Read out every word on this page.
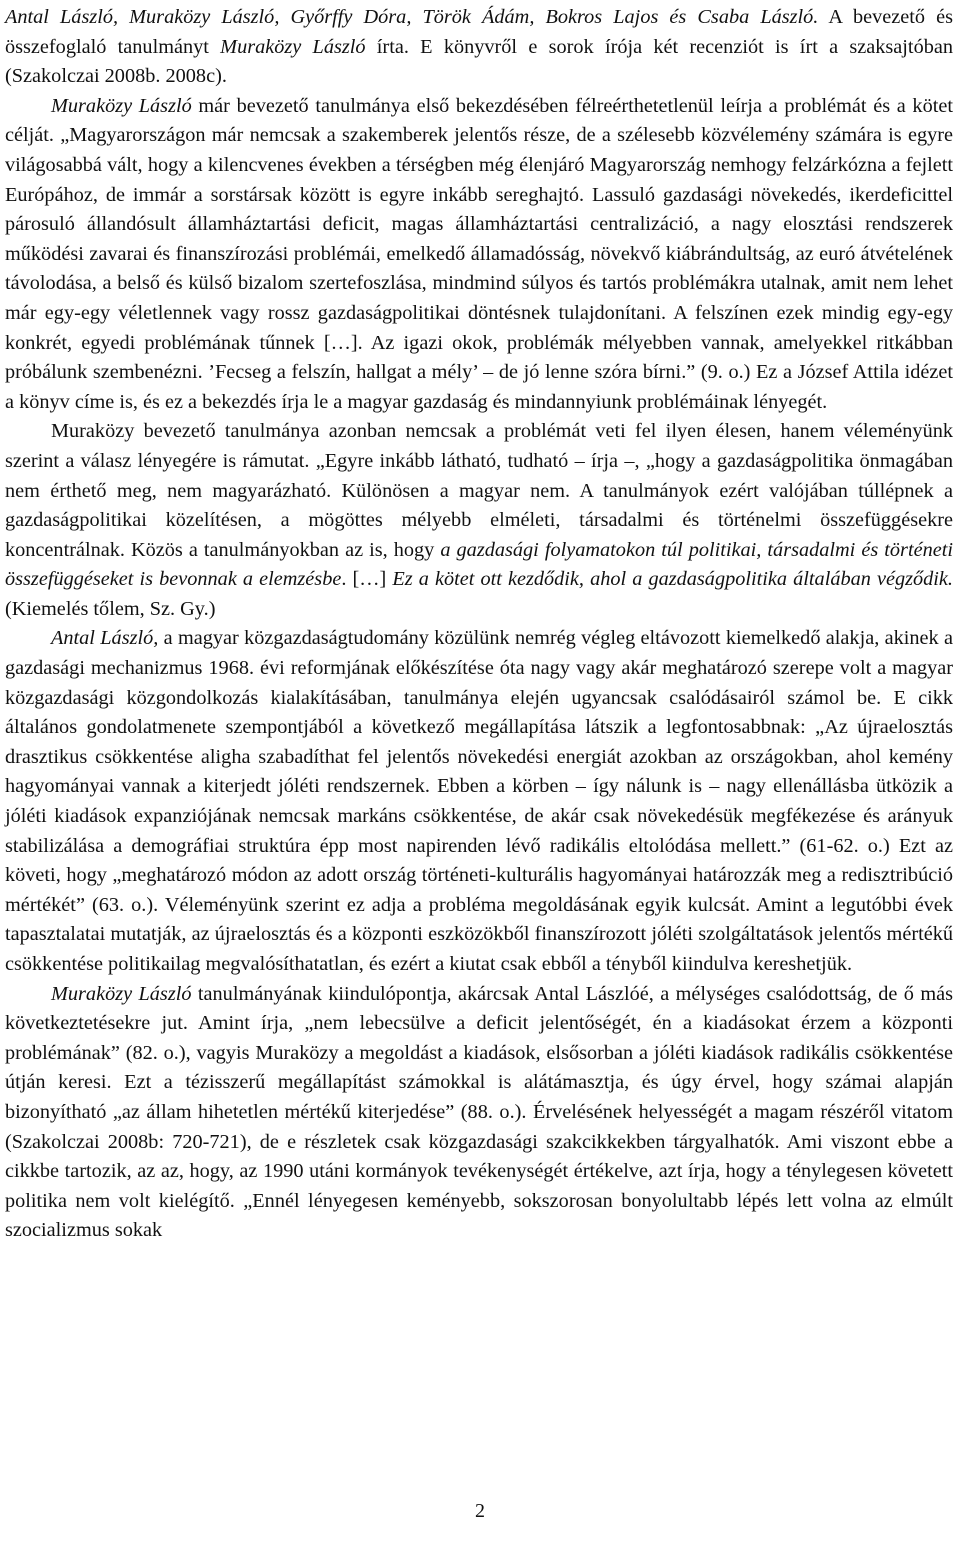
Antal László, Muraközy László, Győrffy Dóra, Török Ádám, Bokros Lajos és Csaba László. A bevezető és összefoglaló tanulmányt Muraközy László írta. E könyvről e sorok írója két recenziót is írt a szaksajtóban (Szakolczai 2008b. 2008c).

Muraközy László már bevezető tanulmánya első bekezdésében félreérthetetlenül leírja a problémát és a kötet célját. „Magyarországon már nemcsak a szakemberek jelentős része, de a szélesebb közvélemény számára is egyre világosabbá vált, hogy a kilencvenes években a térségben még élenjáró Magyarország nemhogy felzárkózna a fejlett Európához, de immár a sorstársak között is egyre inkább sereghajtó. Lassuló gazdasági növekedés, ikerdeficittel párosuló állandósult államháztartási deficit, magas államháztartási centralizáció, a nagy elosztási rendszerek működési zavarai és finanszírozási problémái, emelkedő államadósság, növekvő kiábrándultság, az euró átvételének távolodása, a belső és külső bizalom szertefoszlása, mindmind súlyos és tartós problémákra utalnak, amit nem lehet már egy-egy véletlennek vagy rossz gazdaságpolitikai döntésnek tulajdonítani. A felszínen ezek mindig egy-egy konkrét, egyedi problémának tűnnek […]. Az igazi okok, problémák mélyebben vannak, amelyekkel ritkábban próbálunk szembenézni. ’Fecseg a felszín, hallgat a mély’ – de jó lenne szóra bírni.” (9. o.) Ez a József Attila idézet a könyv címe is, és ez a bekezdés írja le a magyar gazdaság és mindannyiunk problémáinak lényegét.

Muraközy bevezető tanulmánya azonban nemcsak a problémát veti fel ilyen élesen, hanem véleményünk szerint a válasz lényegére is rámutat. „Egyre inkább látható, tudható – írja –, „hogy a gazdaságpolitika önmagában nem érthető meg, nem magyarázható. Különösen a magyar nem. A tanulmányok ezért valójában túllépnek a gazdaságpolitikai közelítésen, a mögöttes mélyebb elméleti, társadalmi és történelmi összefüggésekre koncentrálnak. Közös a tanulmányokban az is, hogy a gazdasági folyamatokon túl politikai, társadalmi és történeti összefüggéseket is bevonnak a elemzésbe. […] Ez a kötet ott kezdődik, ahol a gazdaságpolitika általában végződik. (Kiemelés tőlem, Sz. Gy.)

Antal László, a magyar közgazdaságtudomány közülünk nemrég végleg eltávozott kiemelkedő alakja, akinek a gazdasági mechanizmus 1968. évi reformjának előkészítése óta nagy vagy akár meghatározó szerepe volt a magyar közgazdasági közgondolkozás kialakításában, tanulmánya elején ugyancsak csalódásairól számol be. E cikk általános gondolatmenete szempontjából a következő megállapítása látszik a legfontosabbnak: „Az újraelosztás drasztikus csökkentése aligha szabadíthat fel jelentős növekedési energiát azokban az országokban, ahol kemény hagyományai vannak a kiterjedt jóléti rendszernek. Ebben a körben – így nálunk is – nagy ellenállásba ütközik a jóléti kiadások expanziójának nemcsak markáns csökkentése, de akár csak növekedésük megfékezése és arányuk stabilizálása a demográfiai struktúra épp most napirenden lévő radikális eltolódása mellett.” (61-62. o.) Ezt az követi, hogy „meghatározó módon az adott ország történeti-kulturális hagyományai határozzák meg a redisztribúció mértékét” (63. o.). Véleményünk szerint ez adja a probléma megoldásának egyik kulcsát. Amint a legutóbbi évek tapasztalatai mutatják, az újraelosztás és a központi eszközökből finanszírozott jóléti szolgáltatások jelentős mértékű csökkentése politikailag megvalósíthatatlan, és ezért a kiutat csak ebből a tényből kiindulva kereshetjük.

Muraközy László tanulmányának kiindulópontja, akárcsak Antal Lászlóé, a mélységes csalódottság, de ő más következtetésekre jut. Amint írja, „nem lebecsülve a deficit jelentőségét, én a kiadásokat érzem a központi problémának” (82. o.), vagyis Muraközy a megoldást a kiadások, elsősorban a jóléti kiadások radikális csökkentése útján keresi. Ezt a tézisszerű megállapítást számokkal is alátámasztja, és úgy érvel, hogy számai alapján bizonyítható „az állam hihetetlen mértékű kiterjedése” (88. o.). Érvelésének helyességét a magam részéről vitatom (Szakolczai 2008b: 720-721), de e részletek csak közgazdasági szakcikkekben tárgyalhatók. Ami viszont ebbe a cikkbe tartozik, az az, hogy, az 1990 utáni kormányok tevékenységét értékelve, azt írja, hogy a ténylegesen követett politika nem volt kielégítő. „Ennél lényegesen keményebb, sokszorosan bonyolultabb lépés lett volna az elmúlt szocializmus sokak

2
